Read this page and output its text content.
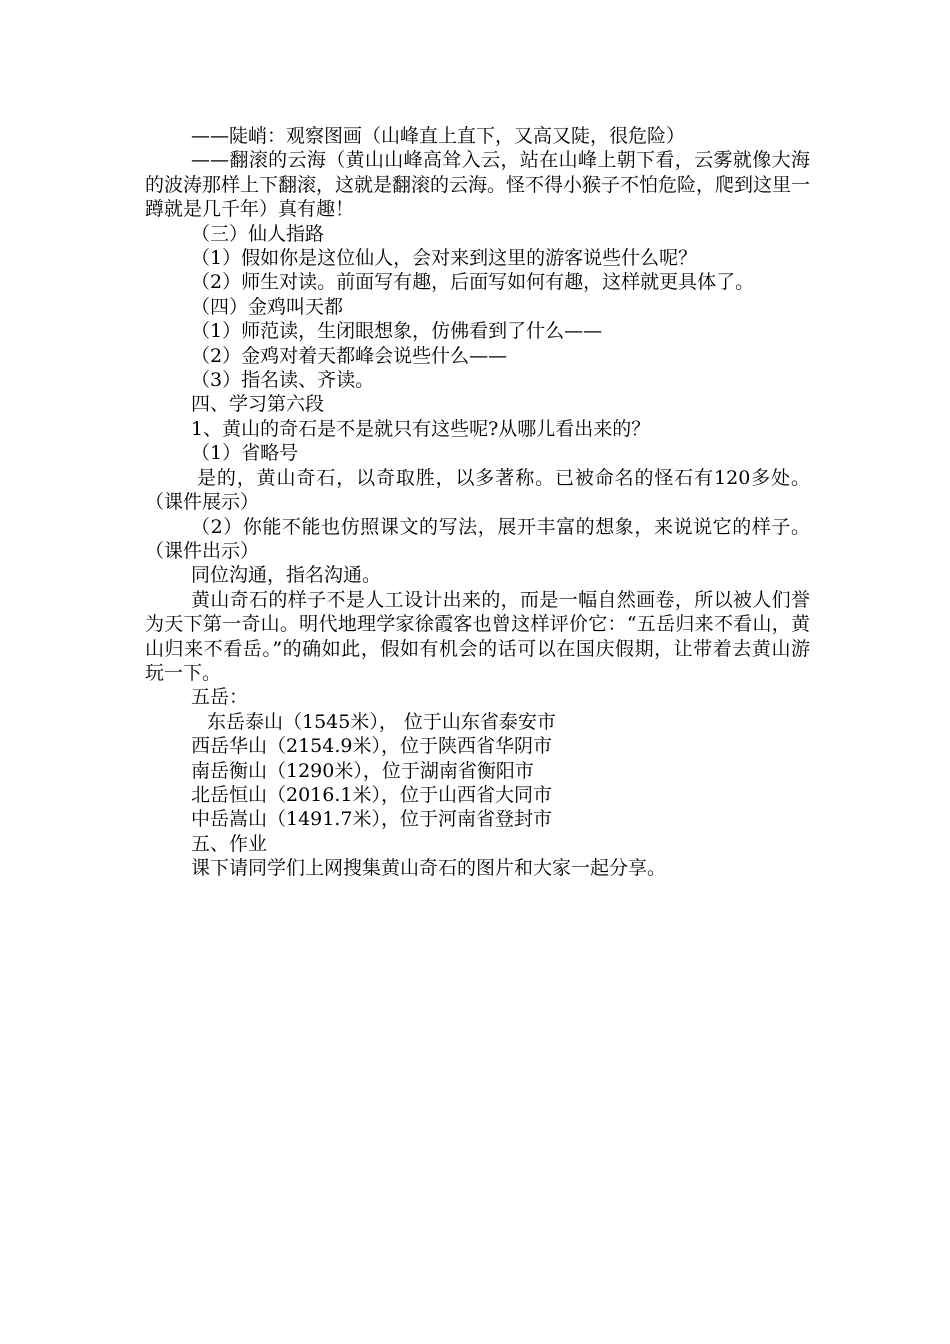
——陡峭：观察图画（山峰直上直下，又高又陡，很危险）

——翻滚的云海（黄山山峰高耸入云，站在山峰上朝下看，云雾就像大海的波涛那样上下翻滚，这就是翻滚的云海。怪不得小猴子不怕危险，爬到这里一蹲就是几千年）真有趣！

（三）仙人指路

（1）假如你是这位仙人，会对来到这里的游客说些什么呢？

（2）师生对读。前面写有趣，后面写如何有趣，这样就更具体了。

（四）金鸡叫天都

（1）师范读，生闭眼想象，仿佛看到了什么——

（2）金鸡对着天都峰会说些什么——

（3）指名读、齐读。

四、学习第六段

1、黄山的奇石是不是就只有这些呢?从哪儿看出来的？

（1）省略号

是的，黄山奇石，以奇取胜，以多著称。已被命名的怪石有120多处。（课件展示）

（2）你能不能也仿照课文的写法，展开丰富的想象，来说说它的样子。（课件出示）

同位沟通，指名沟通。

黄山奇石的样子不是人工设计出来的，而是一幅自然画卷，所以被人们誉为天下第一奇山。明代地理学家徐霞客也曾这样评价它：“五岳归来不看山，黄山归来不看岳。”的确如此，假如有机会的话可以在国庆假期，让带着去黄山游玩一下。

五岳：

东岳泰山（1545米）， 位于山东省泰安市

西岳华山（2154.9米），位于陕西省华阴市

南岳衡山（1290米），位于湖南省衡阳市

北岳恒山（2016.1米），位于山西省大同市

中岳嵩山（1491.7米），位于河南省登封市

五、作业

课下请同学们上网搜集黄山奇石的图片和大家一起分享。
